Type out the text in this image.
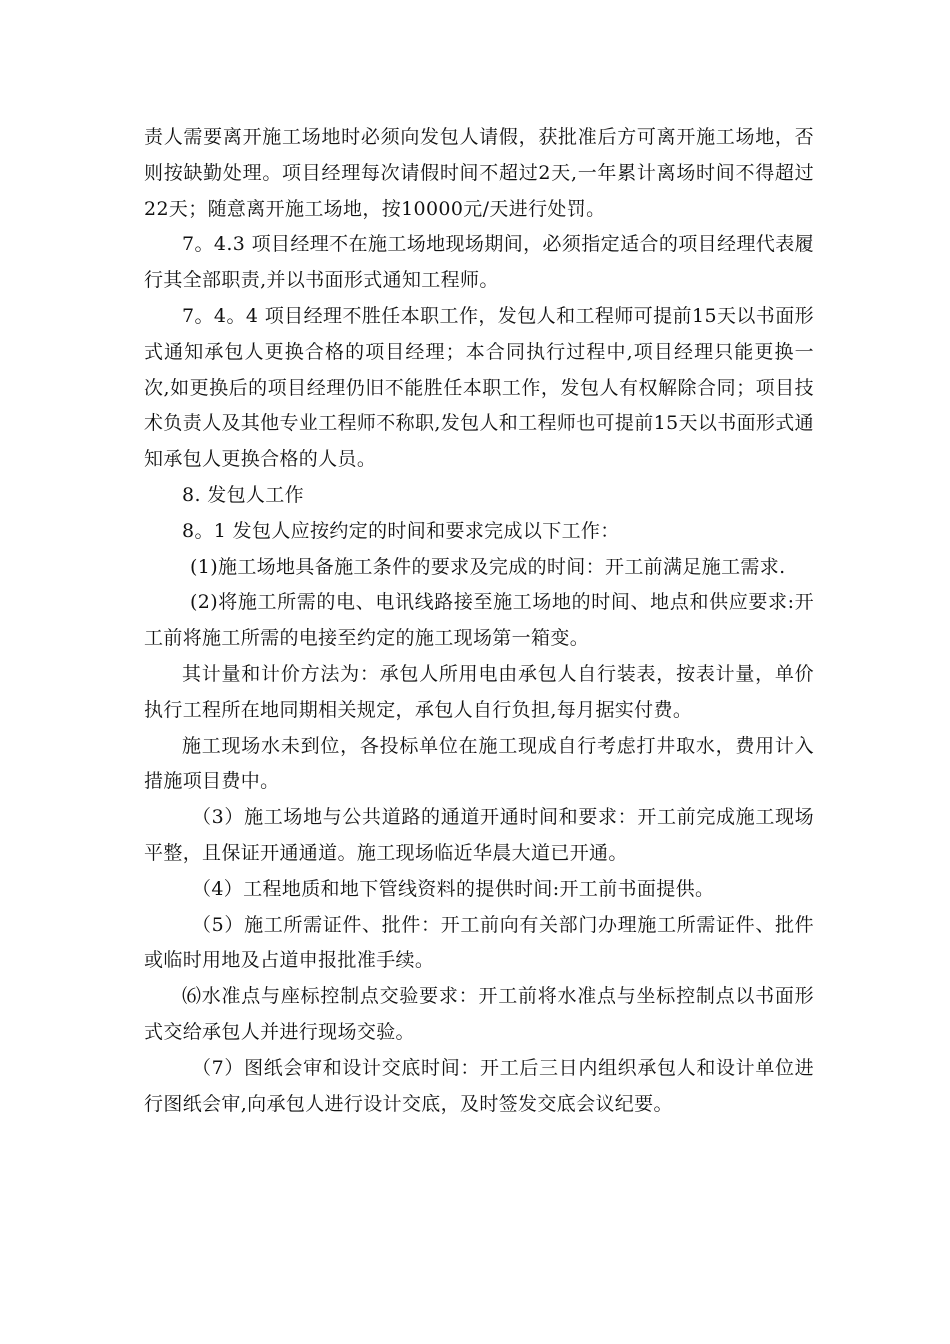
责人需要离开施工场地时必须向发包人请假，获批准后方可离开施工场地，否则按缺勤处理。项目经理每次请假时间不超过2天,一年累计离场时间不得超过22天；随意离开施工场地，按10000元/天进行处罚。

7。4.3 项目经理不在施工场地现场期间，必须指定适合的项目经理代表履行其全部职责,并以书面形式通知工程师。

7。4。4 项目经理不胜任本职工作，发包人和工程师可提前15天以书面形式通知承包人更换合格的项目经理；本合同执行过程中,项目经理只能更换一次,如更换后的项目经理仍旧不能胜任本职工作，发包人有权解除合同；项目技术负责人及其他专业工程师不称职,发包人和工程师也可提前15天以书面形式通知承包人更换合格的人员。

8. 发包人工作

8。1 发包人应按约定的时间和要求完成以下工作：

(1)施工场地具备施工条件的要求及完成的时间：开工前满足施工需求.

(2)将施工所需的电、电讯线路接至施工场地的时间、地点和供应要求:开工前将施工所需的电接至约定的施工现场第一箱变。

其计量和计价方法为：承包人所用电由承包人自行装表，按表计量，单价执行工程所在地同期相关规定，承包人自行负担,每月据实付费。

施工现场水未到位，各投标单位在施工现成自行考虑打井取水，费用计入措施项目费中。

（3）施工场地与公共道路的通道开通时间和要求：开工前完成施工现场平整，且保证开通通道。施工现场临近华晨大道已开通。

（4）工程地质和地下管线资料的提供时间:开工前书面提供。

（5）施工所需证件、批件：开工前向有关部门办理施工所需证件、批件或临时用地及占道申报批准手续。

⑹水准点与座标控制点交验要求：开工前将水准点与坐标控制点以书面形式交给承包人并进行现场交验。

（7）图纸会审和设计交底时间：开工后三日内组织承包人和设计单位进行图纸会审,向承包人进行设计交底，及时签发交底会议纪要。
